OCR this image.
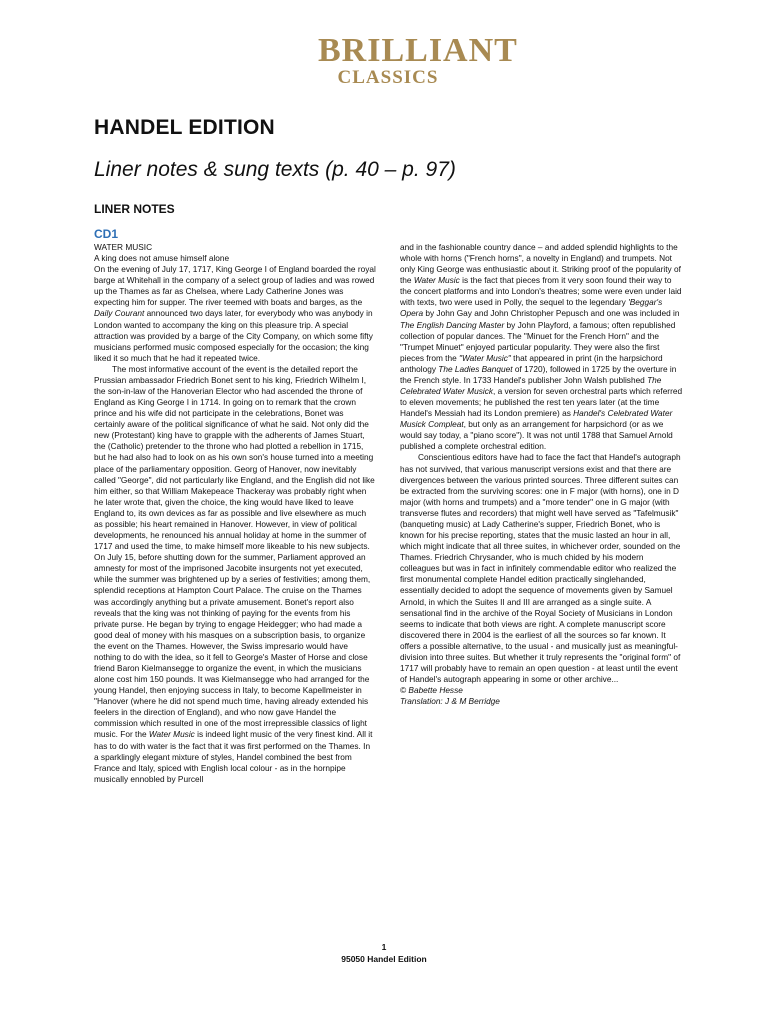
BRILLIANT
CLASSICS
HANDEL EDITION
Liner notes & sung texts (p. 40 – p. 97)
LINER NOTES
CD1

WATER MUSIC

A king does not amuse himself alone

On the evening of July 17, 1717, King George I of England boarded the royal barge at Whitehall in the company of a select group of ladies and was rowed up the Thames as far as Chelsea, where Lady Catherine Jones was expecting him for supper. The river teemed with boats and barges, as the Daily Courant announced two days later, for everybody who was anybody in London wanted to accompany the king on this pleasure trip. A special attraction was provided by a barge of the City Company, on which some fifty musicians performed music composed especially for the occasion; the king liked it so much that he had it repeated twice.

The most informative account of the event is the detailed report the Prussian ambassador Friedrich Bonet sent to his king, Friedrich Wilhelm I, the son-in-law of the Hanoverian Elector who had ascended the throne of England as King George I in 1714. In going on to remark that the crown prince and his wife did not participate in the celebrations, Bonet was certainly aware of the political significance of what he said. Not only did the new (Protestant) king have to grapple with the adherents of James Stuart, the (Catholic) pretender to the throne who had plotted a rebellion in 1715, but he had also had to look on as his own son's house turned into a meeting place of the parliamentary opposition. Georg of Hanover, now inevitably called "George", did not particularly like England, and the English did not like him either, so that William Makepeace Thackeray was probably right when he later wrote that, given the choice, the king would have liked to leave England to, its own devices as far as possible and live elsewhere as much as possible; his heart remained in Hanover. However, in view of political developments, he renounced his annual holiday at home in the summer of 1717 and used the time, to make himself more likeable to his new subjects. On July 15, before shutting down for the summer, Parliament approved an amnesty for most of the imprisoned Jacobite insurgents not yet executed, while the summer was brightened up by a series of festivities; among them, splendid receptions at Hampton Court Palace. The cruise on the Thames was accordingly anything but a private amusement. Bonet's report also reveals that the king was not thinking of paying for the events from his private purse. He began by trying to engage Heidegger; who had made a good deal of money with his masques on a subscription basis, to organize the event on the Thames. However, the Swiss impresario would have nothing to do with the idea, so it fell to George's Master of Horse and close friend Baron Kielmansegge to organize the event, in which the musicians alone cost him 150 pounds. It was Kielmansegge who had arranged for the young Handel, then enjoying success in Italy, to become Kapellmeister in "Hanover (where he did not spend much time, having already extended his feelers in the direction of England), and who now gave Handel the commission which resulted in one of the most irrepressible classics of light music. For the Water Music is indeed light music of the very finest kind. All it has to do with water is the fact that it was first performed on the Thames. In a sparklingly elegant mixture of styles, Handel combined the best from France and Italy, spiced with English local colour - as in the hornpipe musically ennobled by Purcell

and in the fashionable country dance – and added splendid highlights to the whole with horns ("French horns", a novelty in England) and trumpets. Not only King George was enthusiastic about it. Striking proof of the popularity of the Water Music is the fact that pieces from it very soon found their way to the concert platforms and into London's theatres; some were even under laid with texts, two were used in Polly, the sequel to the legendary 'Beggar's Opera by John Gay and John Christopher Pepusch and one was included in The English Dancing Master by John Playford, a famous; often republished collection of popular dances. The "Minuet for the French Horn" and the "Trumpet Minuet" enjoyed particular popularity. They were also the first pieces from the "Water Music" that appeared in print (in the harpsichord anthology The Ladies Banquet of 1720), followed in 1725 by the overture in the French style. In 1733 Handel's publisher John Walsh published The Celebrated Water Musick, a version for seven orchestral parts which referred to eleven movements; he published the rest ten years later (at the time Handel's Messiah had its London premiere) as Handel's Celebrated Water Musick Compleat, but only as an arrangement for harpsichord (or as we would say today, a "piano score"). It was not until 1788 that Samuel Arnold published a complete orchestral edition.

Conscientious editors have had to face the fact that Handel's autograph has not survived, that various manuscript versions exist and that there are divergences between the various printed sources. Three different suites can be extracted from the surviving scores: one in F major (with horns), one in D major (with horns and trumpets) and a "more tender" one in G major (with transverse flutes and recorders) that might well have served as "Tafelmusik" (banqueting music) at Lady Catherine's supper, Friedrich Bonet, who is known for his precise reporting, states that the music lasted an hour in all, which might indicate that all three suites, in whichever order, sounded on the Thames. Friedrich Chrysander, who is much chided by his modern colleagues but was in fact in infinitely commendable editor who realized the first monumental complete Handel edition practically singlehanded, essentially decided to adopt the sequence of movements given by Samuel Arnold, in which the Suites II and III are arranged as a single suite. A sensational find in the archive of the Royal Society of Musicians in London seems to indicate that both views are right. A complete manuscript score discovered there in 2004 is the earliest of all the sources so far known. It offers a possible alternative, to the usual - and musically just as meaningful- division into three suites. But whether it truly represents the "original form" of 1717 will probably have to remain an open question - at least until the event of Handel's autograph appearing in some or other archive...

© Babette Hesse

Translation: J & M Berridge

1
95050 Handel Edition
